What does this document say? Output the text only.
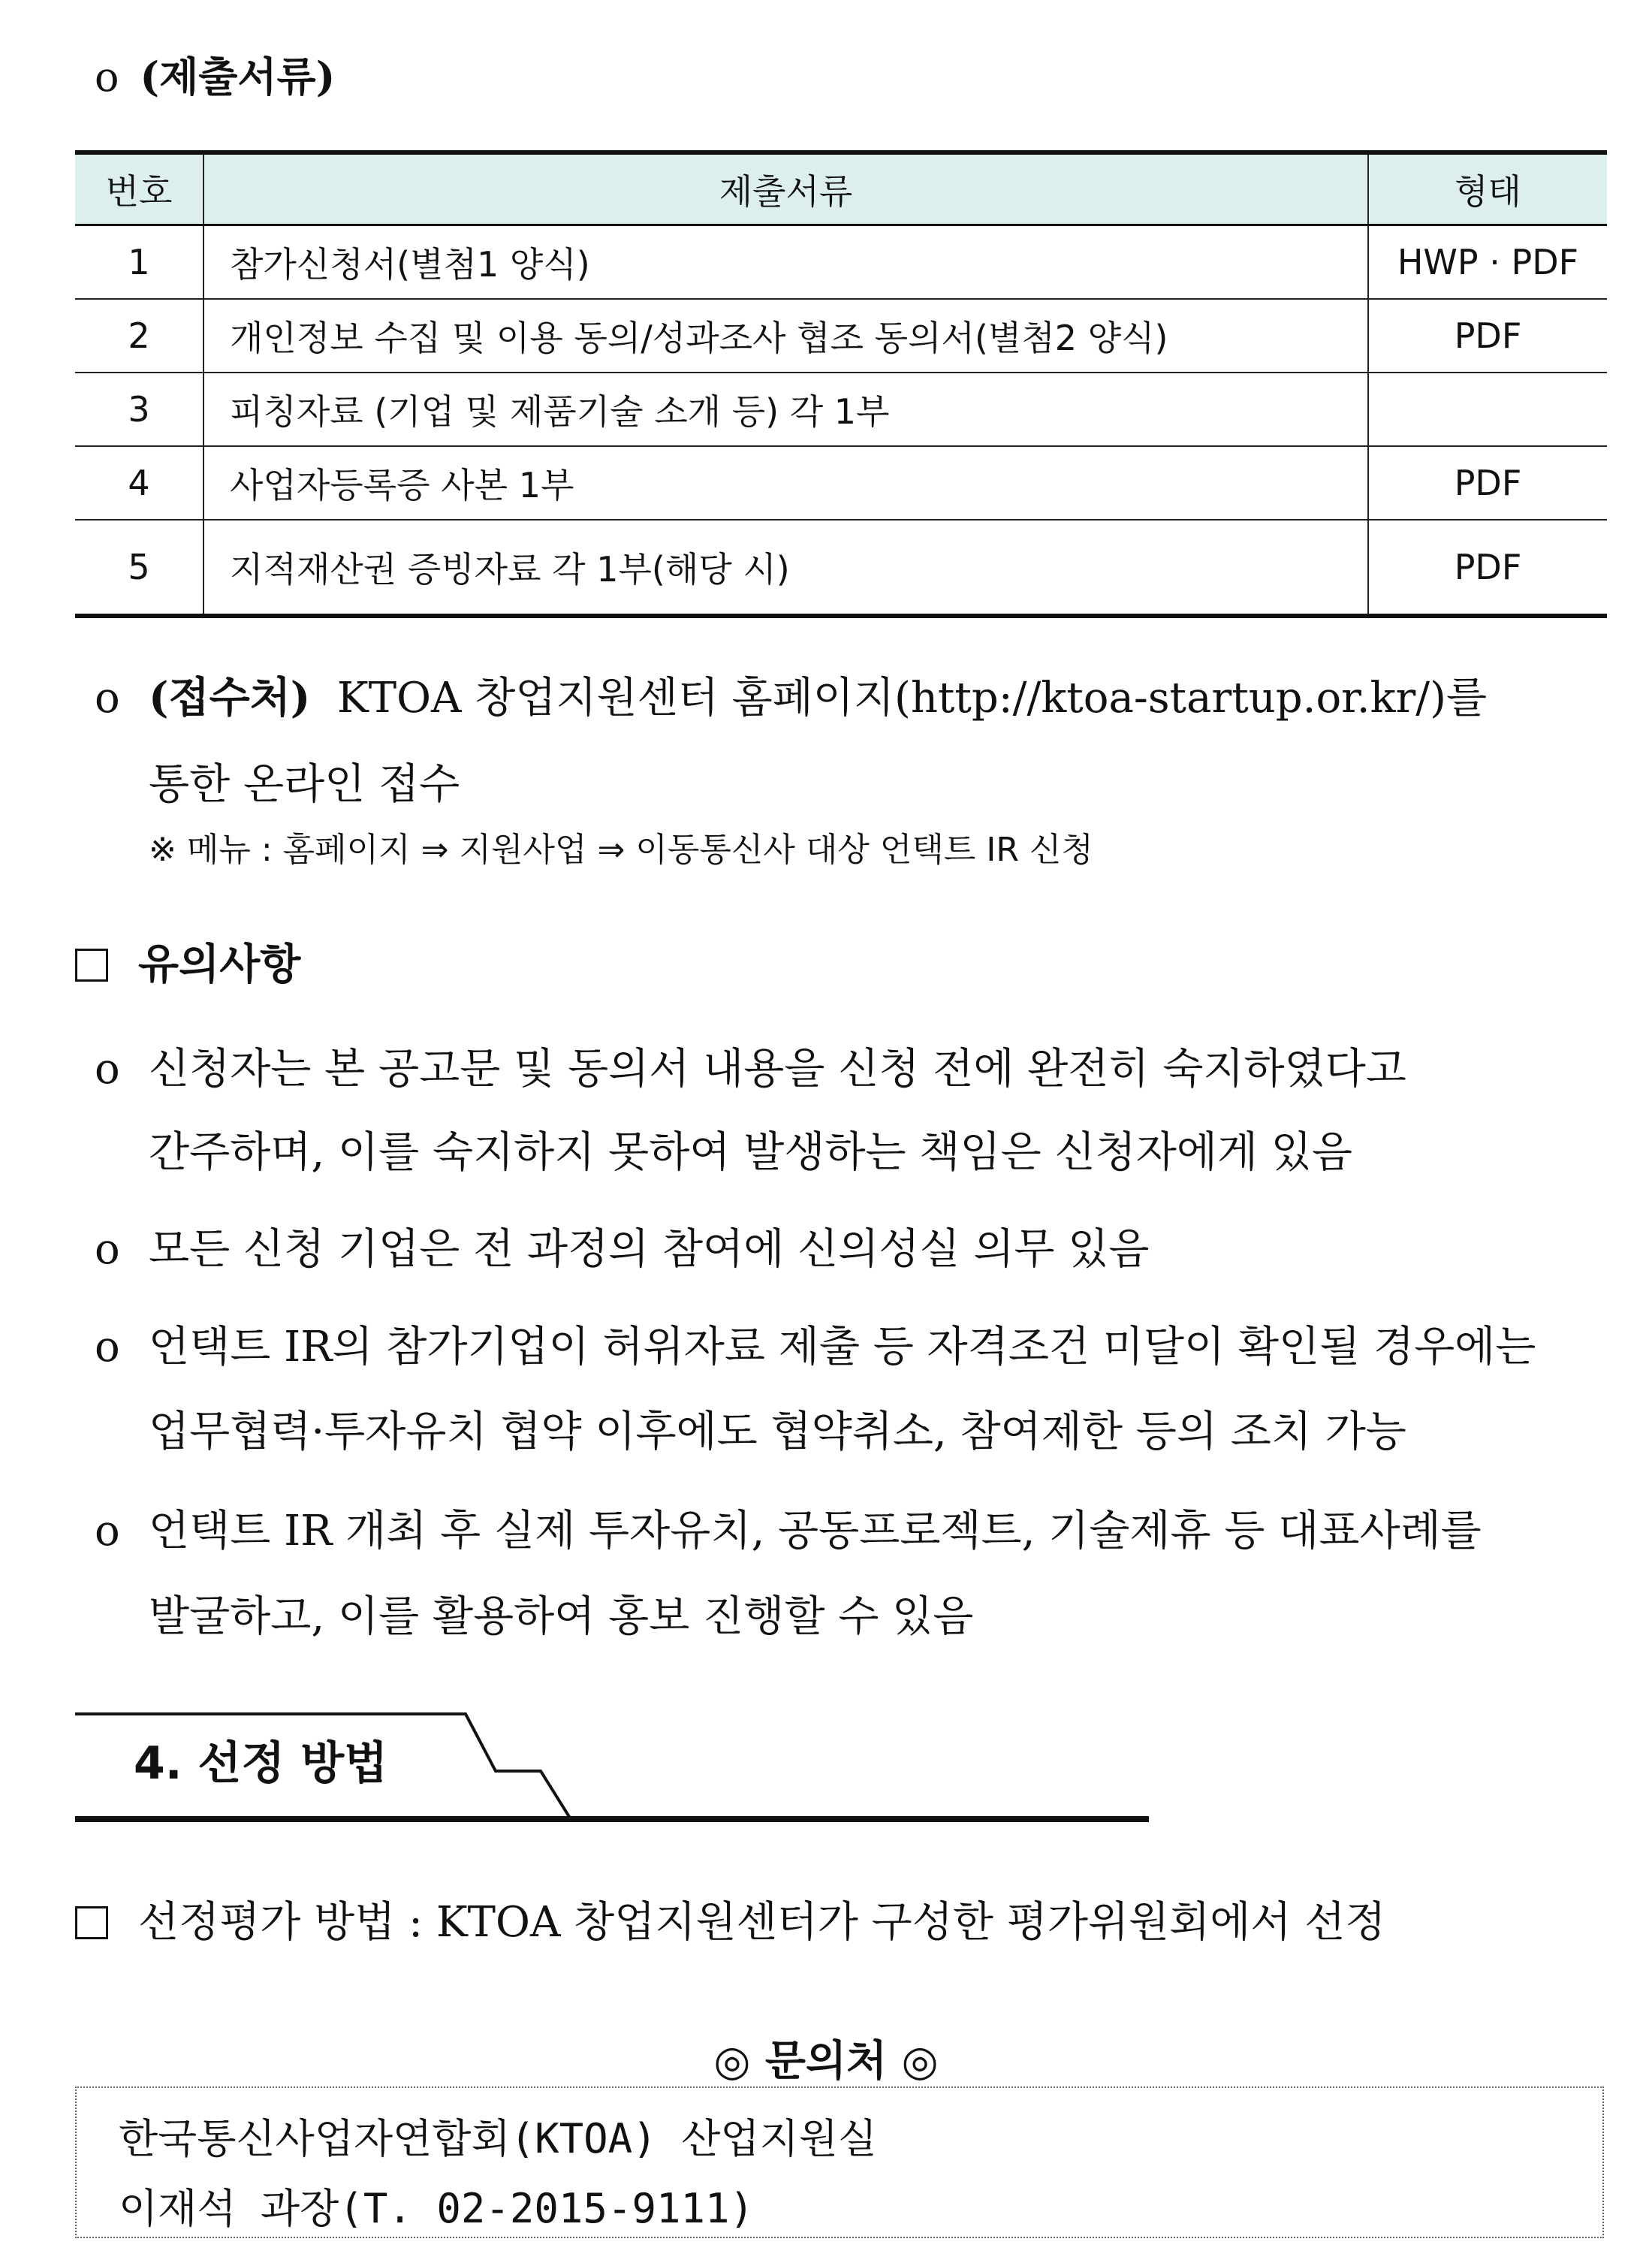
o (제출서류)
번호	제출서류	형태
1	참가신청서(별첨1 양식)	HWP · PDF
2	개인정보 수집 및 이용 동의/성과조사 협조 동의서(별첨2 양식)	PDF
3	피칭자료 (기업 및 제품기술 소개 등) 각 1부	
4	사업자등록증 사본 1부	PDF
5	지적재산권 증빙자료 각 1부(해당 시)	PDF
o (접수처) KTOA 창업지원센터 홈페이지(http://ktoa-startup.or.kr/)를
통한 온라인 접수
※ 메뉴 : 홈페이지 ⇒ 지원사업 ⇒ 이동통신사 대상 언택트 IR 신청
유의사항
o 신청자는 본 공고문 및 동의서 내용을 신청 전에 완전히 숙지하였다고
간주하며, 이를 숙지하지 못하여 발생하는 책임은 신청자에게 있음
o 모든 신청 기업은 전 과정의 참여에 신의성실 의무 있음
o 언택트 IR의 참가기업이 허위자료 제출 등 자격조건 미달이 확인될 경우에는
업무협력·투자유치 협약 이후에도 협약취소, 참여제한 등의 조치 가능
o 언택트 IR 개최 후 실제 투자유치, 공동프로젝트, 기술제휴 등 대표사례를
발굴하고, 이를 활용하여 홍보 진행할 수 있음
4. 선정 방법
선정평가 방법 : KTOA 창업지원센터가 구성한 평가위원회에서 선정
◎ 문의처 ◎
한국통신사업자연합회(KTOA) 산업지원실
이재석 과장(T. 02-2015-9111)
